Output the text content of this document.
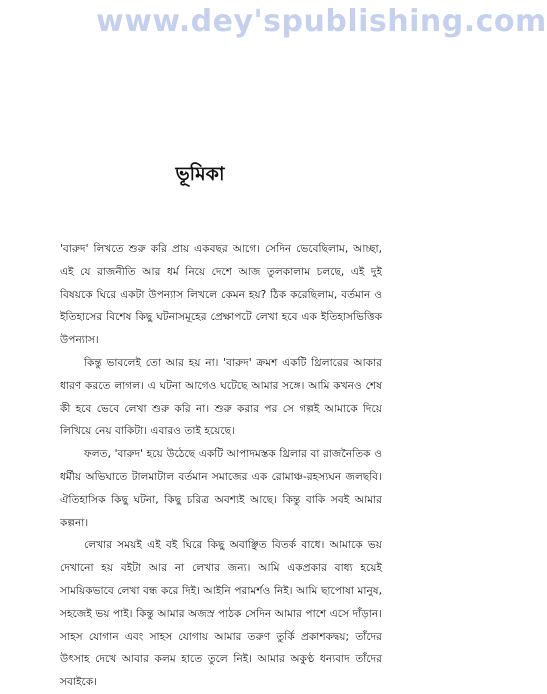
www.dey'spublishing.com
ভূমিকা

'বারুদ' লিখতে শুরু করি প্রায় একবছর আগে। সেদিন ভেবেছিলাম, আচ্ছা, এই যে রাজনীতি আর ধর্ম নিয়ে দেশে আজ তুলকালাম চলছে, এই দুই বিষয়কে ঘিরে একটা উপন্যাস লিখলে কেমন হয়? ঠিক করেছিলাম, বর্তমান ও ইতিহাসের বিশেষ কিছু ঘটনাসমূহের প্রেক্ষাপটে লেখা হবে এক ইতিহাসভিত্তিক উপন্যাস।

কিন্তু ভাবলেই তো আর হয় না। 'বারুদ' ক্রমশ একটি থ্রিলারের আকার ধারণ করতে লাগল। এ ঘটনা আগেও ঘটেছে আমার সঙ্গে। আমি কখনও শেষ কী হবে ভেবে লেখা শুরু করি না। শুরু করার পর সে গল্পই আমাকে দিয়ে লিখিয়ে নেয় বাকিটা। এবারও তাই হয়েছে।

ফলত, 'বারুদ' হয়ে উঠেছে একটি আপাদমস্তক থ্রিলার বা রাজনৈতিক ও ধর্মীয় অভিঘাতে টালমাটাল বর্তমান সমাজের এক রোমাঞ্চ-রহস্যঘন জলছবি। ঐতিহাসিক কিছু ঘটনা, কিছু চরিত্র অবশ্যই আছে। কিন্তু বাকি সবই আমার কল্পনা।

লেখার সময়ই এই বই ঘিরে কিছু অবাঞ্ছিত বিতর্ক বাধে। আমাকে ভয় দেখানো হয় বইটা আর না লেখার জন্য। আমি একপ্রকার বাধ্য হয়েই সাময়িকভাবে লেখা বন্ধ করে দিই। আইনি পরামর্শও নিই। আমি ছাপোষা মানুষ, সহজেই ভয় পাই। কিন্তু আমার অজস্র পাঠক সেদিন আমার পাশে এসে দাঁড়ান। সাহস যোগান এবং সাহস যোগায় আমার তরুণ তুর্কি প্রকাশকদ্বয়; তাঁদের উৎসাহ দেখে আবার কলম হাতে তুলে নিই। আমার অকুণ্ঠ ধন্যবাদ তাঁদের সবাইকে।
